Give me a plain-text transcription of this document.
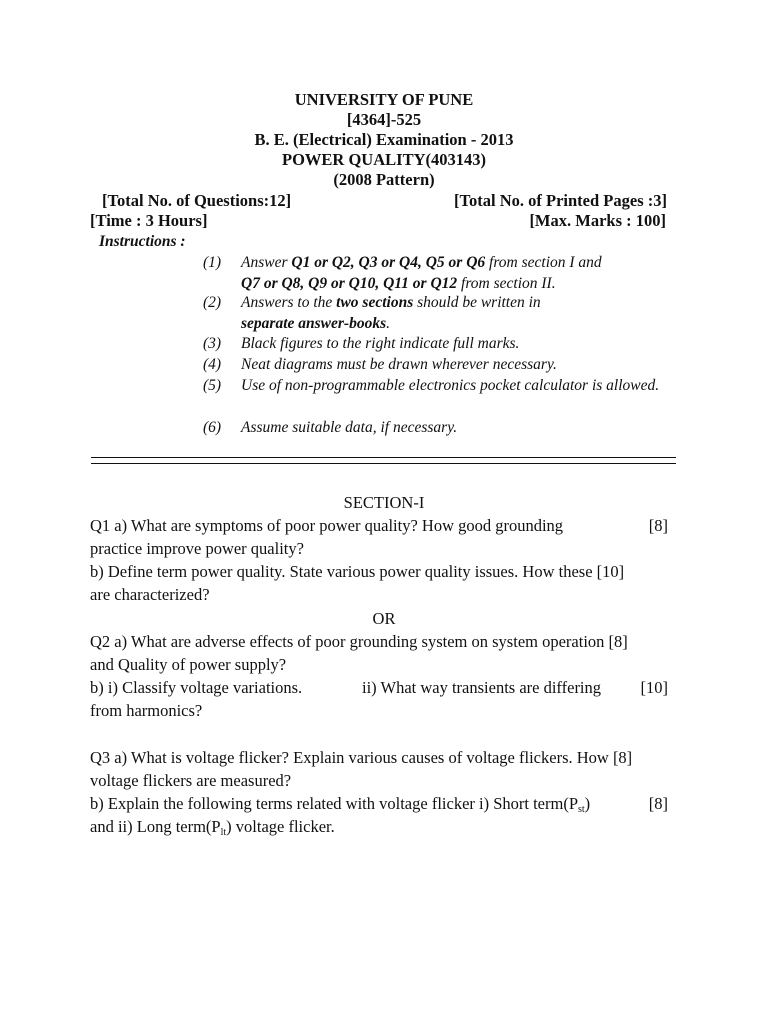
UNIVERSITY OF PUNE
[4364]-525
B. E. (Electrical) Examination - 2013
POWER QUALITY(403143)
(2008 Pattern)
[Total No. of Questions:12]	[Total No. of Printed Pages :3]
[Time : 3 Hours]	[Max. Marks : 100]
Instructions :
(1)	Answer Q1 or Q2, Q3 or Q4, Q5 or Q6 from section I and
Q7 or Q8, Q9 or Q10, Q11 or Q12 from section II.
(2)	Answers to the two sections should be written in
separate answer-books.
(3)	Black figures to the right indicate full marks.
(4)	Neat diagrams must be drawn wherever necessary.
(5)	Use of non-programmable electronics pocket calculator is allowed.
(6)	Assume suitable data, if necessary.
SECTION-I
Q1 a) What are symptoms of poor power quality? How good grounding	[8]
practice improve power quality?
b) Define term power quality. State various power quality issues. How these [10]
are characterized?
OR
Q2 a) What are adverse effects of poor grounding system on system operation [8]
and Quality of power supply?
b) i) Classify voltage variations.	ii) What way transients are differing [10]
from harmonics?
Q3 a) What is voltage flicker? Explain various causes of voltage flickers. How [8]
voltage flickers are measured?
b) Explain the following terms related with voltage flicker i) Short $term(P_{st})$	[8]
and ii) Long $term(P_{lt})$ voltage flicker.
